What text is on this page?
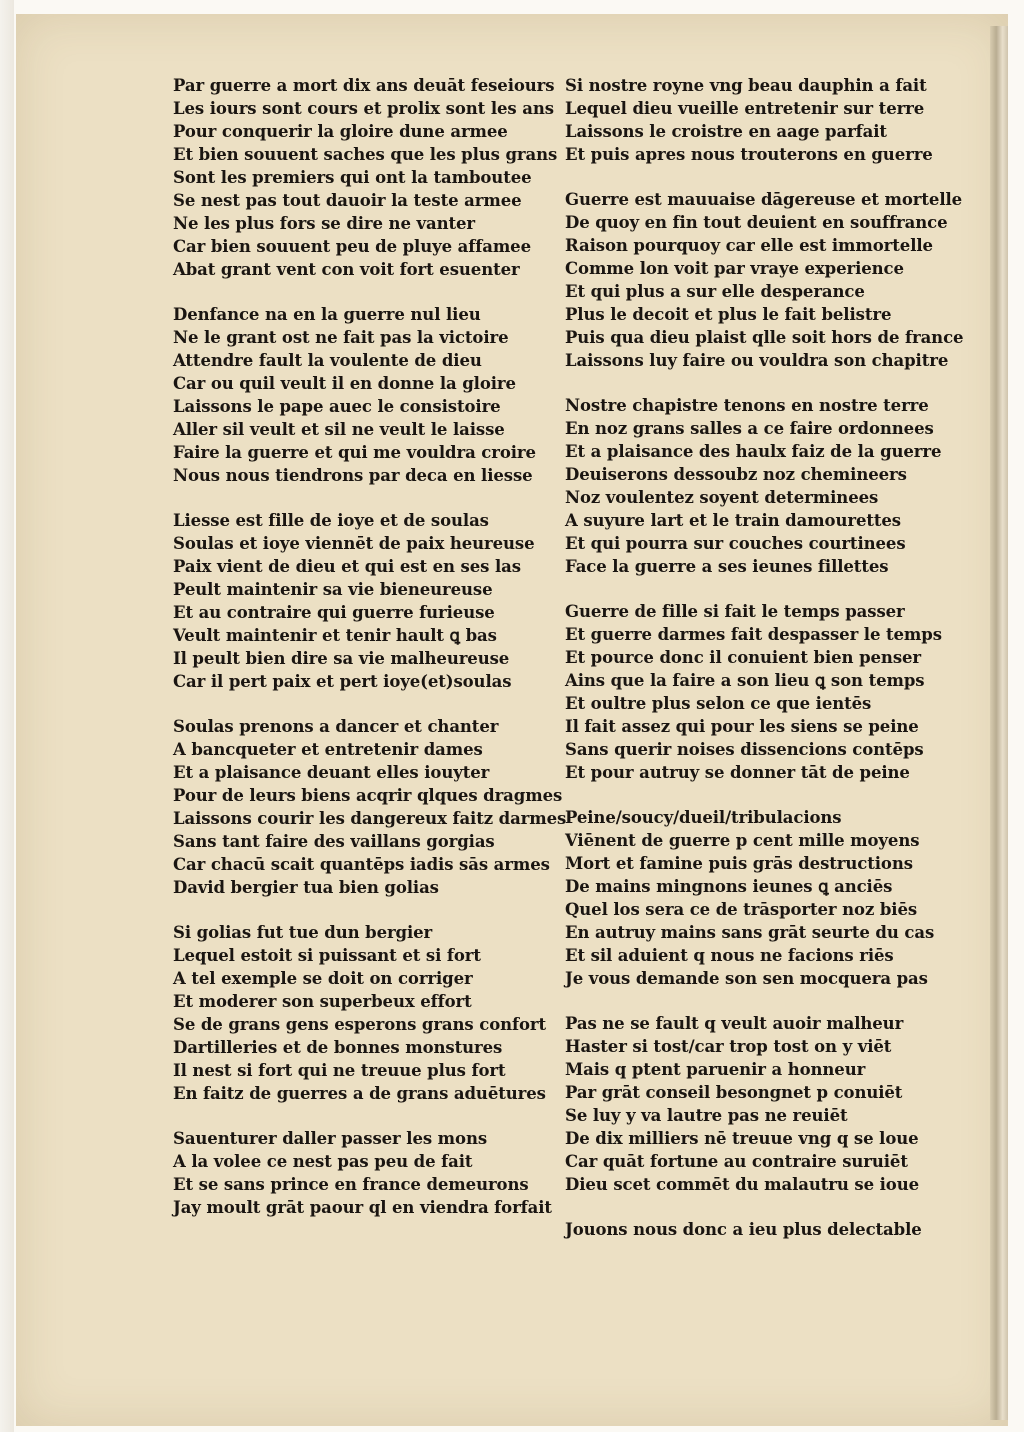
Par guerre a mort dix ans deuāt feseiours
Les iours sont cours et prolix sont les ans
Pour conquerir la gloire dune armee
Et bien souuent saches que les plus grans
Sont les premiers qui ont la tamboutee
Se nest pas tout dauoir la teste armee
Ne les plus fors se dire ne vanter
Car bien souuent peu de pluye affamee
Abat grant vent con voit fort esuenter
Denfance na en la guerre nul lieu
Ne le grant ost ne fait pas la victoire
Attendre fault la voulente de dieu
Car ou quil veult il en donne la gloire
Laissons le pape auec le consistoire
Aller sil veult et sil ne veult le laisse
Faire la guerre et qui me vouldra croire
Nous nous tiendrons par deca en liesse
Liesse est fille de ioye et de soulas
Soulas et ioye viennēt de paix heureuse
Paix vient de dieu et qui est en ses las
Peult maintenir sa vie bieneureuse
Et au contraire qui guerre furieuse
Veult maintenir et tenir hault ꝗ bas
Il peult bien dire sa vie malheureuse
Car il pert paix et pert ioye(et)soulas
Soulas prenons a dancer et chanter
A bancqueter et entretenir dames
Et a plaisance deuant elles iouyter
Pour de leurs biens acqrir qlques dragmes
Laissons courir les dangereux faitz darmes
Sans tant faire des vaillans gorgias
Car chacū scait quantēps iadis sās armes
David bergier tua bien golias
Si golias fut tue dun bergier
Lequel estoit si puissant et si fort
A tel exemple se doit on corriger
Et moderer son superbeux effort
Se de grans gens esperons grans confort
Dartilleries et de bonnes monstures
Il nest si fort qui ne treuue plus fort
En faitz de guerres a de grans aduētures
Sauenturer daller passer les mons
A la volee ce nest pas peu de fait
Et se sans prince en france demeurons
Jay moult grāt paour ql en viendra forfait
Si nostre royne vng beau dauphin a fait
Lequel dieu vueille entretenir sur terre
Laissons le croistre en aage parfait
Et puis apres nous trouterons en guerre
Guerre est mauuaise dāgereuse et mortelle
De quoy en fin tout deuient en souffrance
Raison pourquoy car elle est immortelle
Comme lon voit par vraye experience
Et qui plus a sur elle desperance
Plus le decoit et plus le fait belistre
Puis qua dieu plaist qlle soit hors de france
Laissons luy faire ou vouldra son chapitre
Nostre chapistre tenons en nostre terre
En noz grans salles a ce faire ordonnees
Et a plaisance des haulx faiz de la guerre
Deuiserons dessoubz noz chemineers
Noz voulentez soyent determinees
A suyure lart et le train damourettes
Et qui pourra sur couches courtinees
Face la guerre a ses ieunes fillettes
Guerre de fille si fait le temps passer
Et guerre darmes fait despasser le temps
Et pource donc il conuient bien penser
Ains que la faire a son lieu ꝗ son temps
Et oultre plus selon ce que ientēs
Il fait assez qui pour les siens se peine
Sans querir noises dissencions contēps
Et pour autruy se donner tāt de peine
Peine/soucy/dueil/tribulacions
Viēnent de guerre p cent mille moyens
Mort et famine puis grās destructions
De mains mingnons ieunes ꝗ anciēs
Quel los sera ce de trāsporter noz biēs
En autruy mains sans grāt seurte du cas
Et sil aduient q nous ne facions riēs
Je vous demande son sen mocquera pas
Pas ne se fault q veult auoir malheur
Haster si tost/car trop tost on y viēt
Mais q ptent paruenir a honneur
Par grāt conseil besongnet p conuiēt
Se luy y va lautre pas ne reuiēt
De dix milliers nē treuue vng q se loue
Car quāt fortune au contraire suruiēt
Dieu scet commēt du malautru se ioue
Jouons nous donc a ieu plus delectable
